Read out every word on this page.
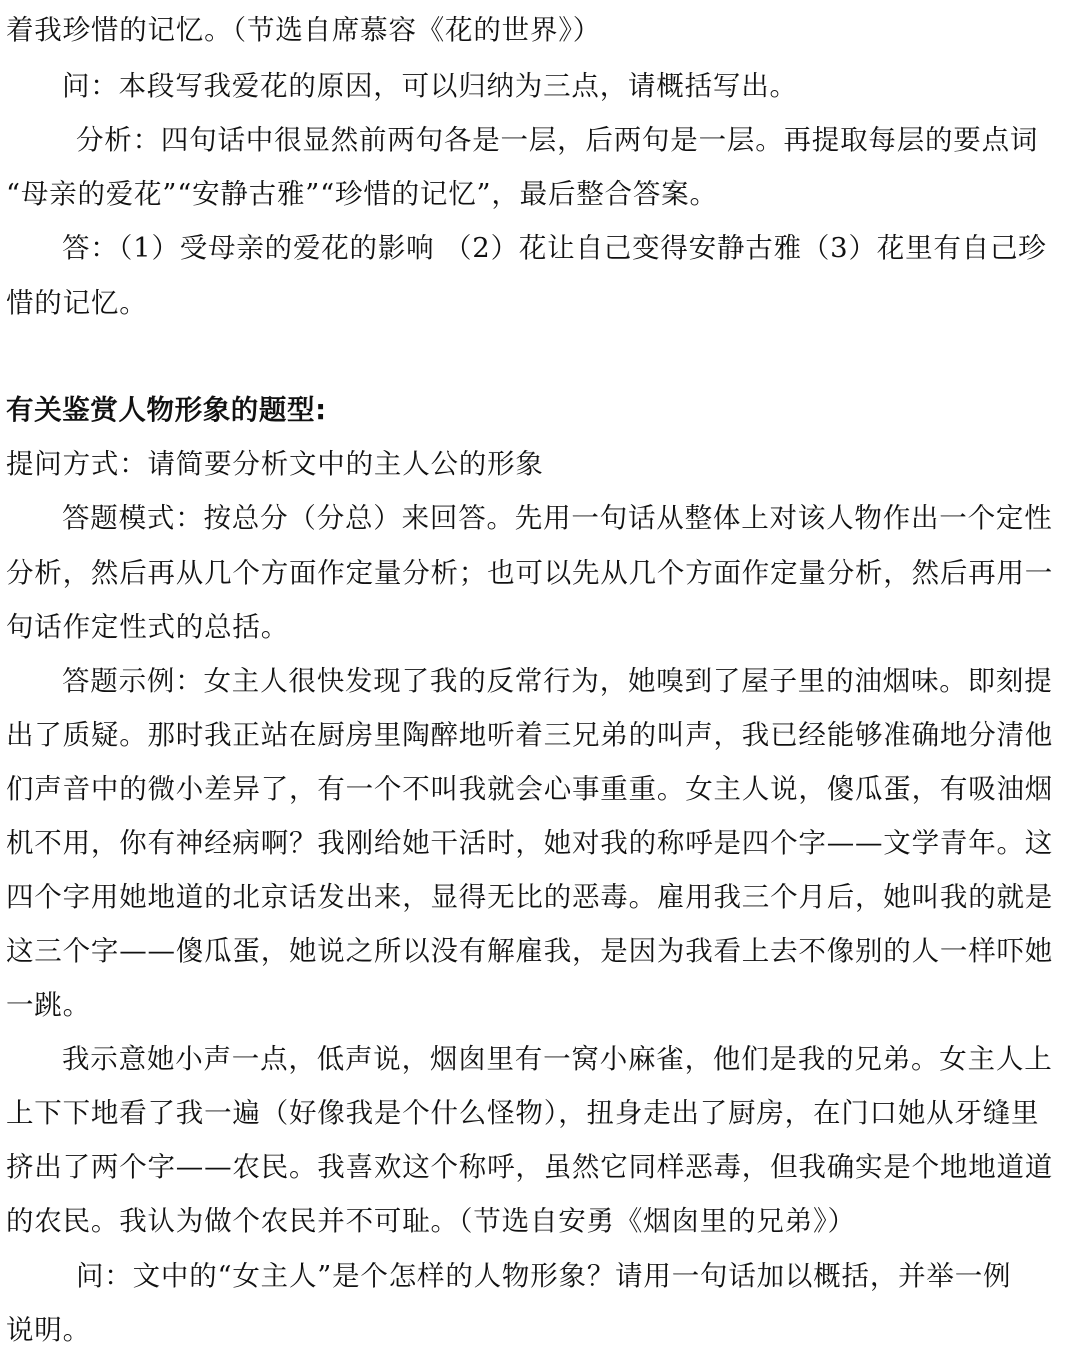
着我珍惜的记忆。（节选自席慕容《花的世界》）
问：本段写我爱花的原因，可以归纳为三点，请概括写出。
分析：四句话中很显然前两句各是一层，后两句是一层。再提取每层的要点词
“母亲的爱花”“安静古雅”“珍惜的记忆”，最后整合答案。
答：（1）受母亲的爱花的影响 （2）花让自己变得安静古雅（3）花里有自己珍
惜的记忆。
有关鉴赏人物形象的题型:
提问方式：请简要分析文中的主人公的形象
答题模式：按总分（分总）来回答。先用一句话从整体上对该人物作出一个定性
分析，然后再从几个方面作定量分析；也可以先从几个方面作定量分析，然后再用一
句话作定性式的总括。
答题示例：女主人很快发现了我的反常行为，她嗅到了屋子里的油烟味。即刻提
出了质疑。那时我正站在厨房里陶醉地听着三兄弟的叫声，我已经能够准确地分清他
们声音中的微小差异了，有一个不叫我就会心事重重。女主人说，傻瓜蛋，有吸油烟
机不用，你有神经病啊？我刚给她干活时，她对我的称呼是四个字——文学青年。这
四个字用她地道的北京话发出来，显得无比的恶毒。雇用我三个月后，她叫我的就是
这三个字——傻瓜蛋，她说之所以没有解雇我，是因为我看上去不像别的人一样吓她
一跳。
我示意她小声一点，低声说，烟囱里有一窝小麻雀，他们是我的兄弟。女主人上
上下下地看了我一遍（好像我是个什么怪物），扭身走出了厨房，在门口她从牙缝里
挤出了两个字——农民。我喜欢这个称呼，虽然它同样恶毒，但我确实是个地地道道
的农民。我认为做个农民并不可耻。（节选自安勇《烟囱里的兄弟》）
问：文中的“女主人”是个怎样的人物形象？请用一句话加以概括，并举一例
说明。
